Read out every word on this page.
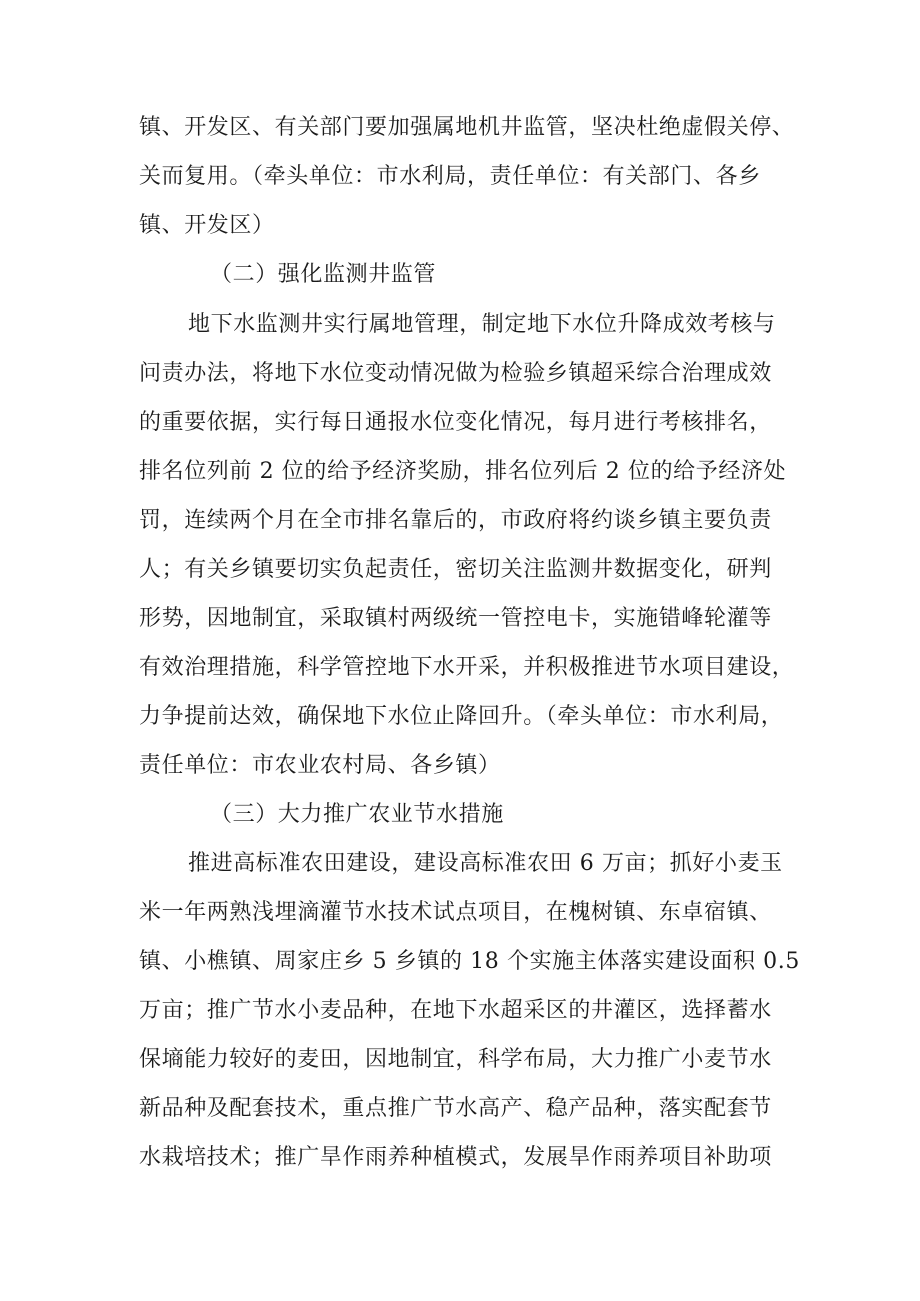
镇、开发区、有关部门要加强属地机井监管，坚决杜绝虚假关停、
关而复用。（牵头单位：市水利局，责任单位：有关部门、各乡
镇、开发区）
（二）强化监测井监管
地下水监测井实行属地管理，制定地下水位升降成效考核与
问责办法，将地下水位变动情况做为检验乡镇超采综合治理成效
的重要依据，实行每日通报水位变化情况，每月进行考核排名，
排名位列前 2 位的给予经济奖励，排名位列后 2 位的给予经济处
罚，连续两个月在全市排名靠后的，市政府将约谈乡镇主要负责
人；有关乡镇要切实负起责任，密切关注监测井数据变化，研判
形势，因地制宜，采取镇村两级统一管控电卡，实施错峰轮灌等
有效治理措施，科学管控地下水开采，并积极推进节水项目建设，
力争提前达效，确保地下水位止降回升。（牵头单位：市水利局，
责任单位：市农业农村局、各乡镇）
（三）大力推广农业节水措施
推进高标准农田建设，建设高标准农田 6 万亩；抓好小麦玉
米一年两熟浅埋滴灌节水技术试点项目，在槐树镇、东卓宿镇、
镇、小樵镇、周家庄乡 5 乡镇的 18 个实施主体落实建设面积 0.5
万亩；推广节水小麦品种，在地下水超采区的井灌区，选择蓄水
保墒能力较好的麦田，因地制宜，科学布局，大力推广小麦节水
新品种及配套技术，重点推广节水高产、稳产品种，落实配套节
水栽培技术；推广旱作雨养种植模式，发展旱作雨养项目补助项
